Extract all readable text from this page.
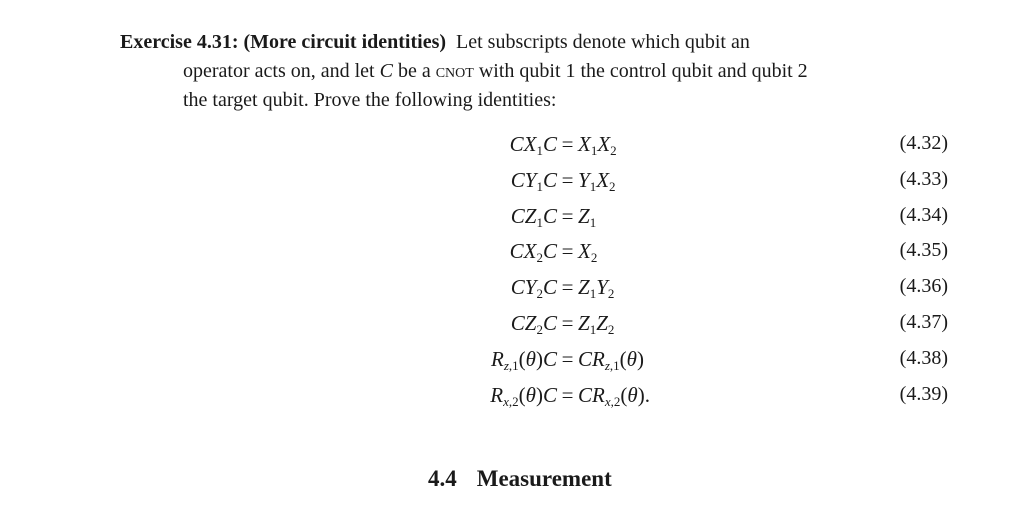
Exercise 4.31: (More circuit identities) Let subscripts denote which qubit an

operator acts on, and let C be a cnot with qubit 1 the control qubit and qubit 2

the target qubit. Prove the following identities:

$CX_1C = X_1X_2$	(4.32)
$CY_1C = Y_1X_2$	(4.33)
$CZ_1C = Z_1$	(4.34)
$CX_2C = X_2$	(4.35)
$CY_2C = Z_1Y_2$	(4.36)
$CZ_2C = Z_1Z_2$	(4.37)
$R_{z,1}(\theta)C = CR_{z,1}(\theta)$	(4.38)
$R_{x,2}(\theta)C = CR_{x,2}(\theta)$.	(4.39)
4.4 Measurement
